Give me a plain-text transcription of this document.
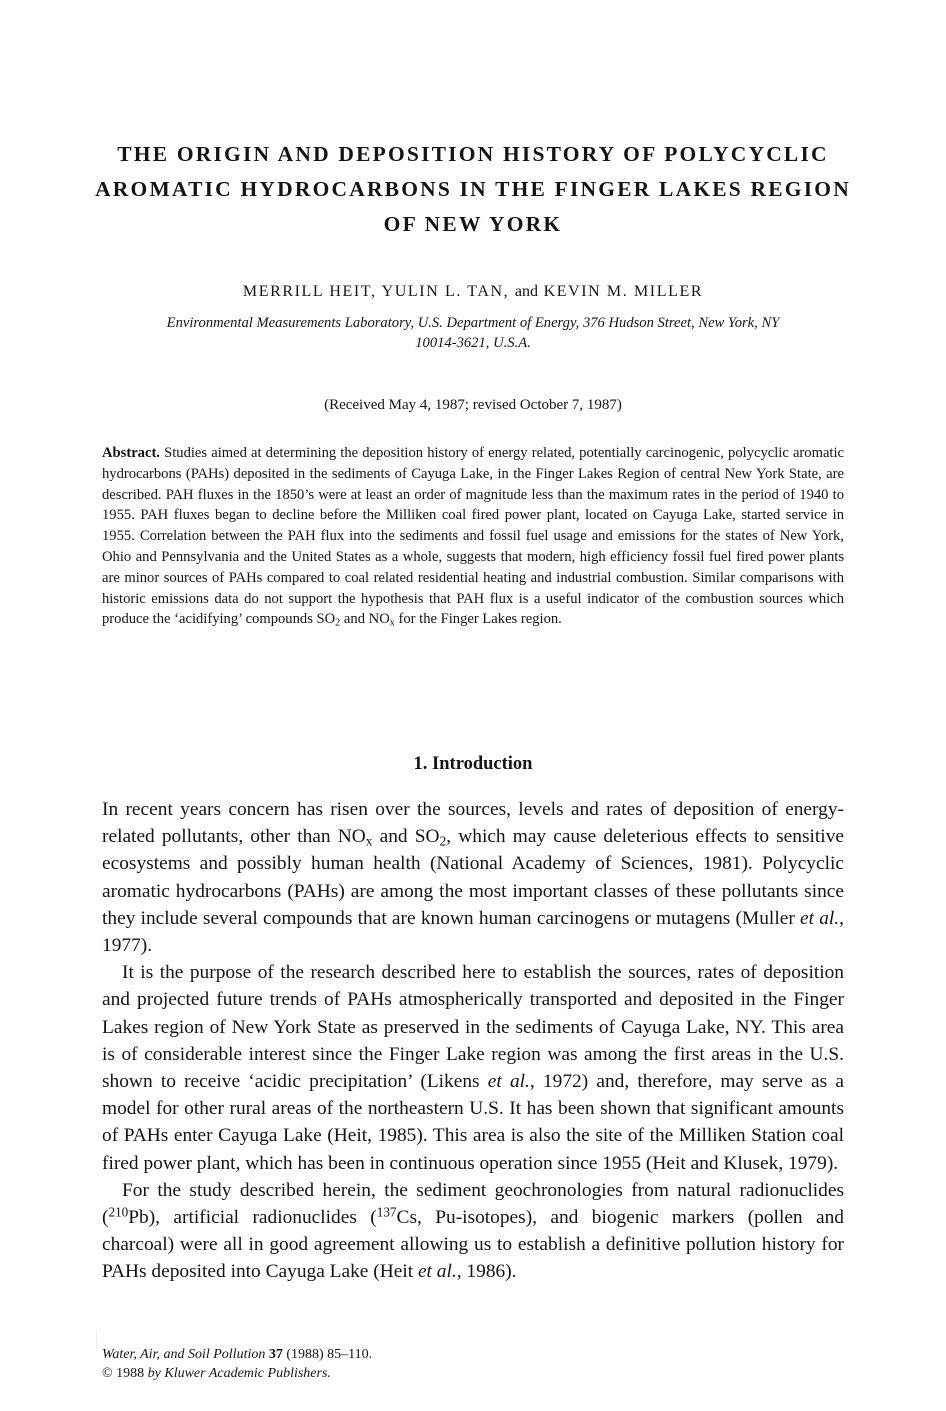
THE ORIGIN AND DEPOSITION HISTORY OF POLYCYCLIC
AROMATIC HYDROCARBONS IN THE FINGER LAKES REGION
OF NEW YORK
MERRILL HEIT, YULIN L. TAN, and KEVIN M. MILLER
Environmental Measurements Laboratory, U.S. Department of Energy, 376 Hudson Street, New York, NY
10014-3621, U.S.A.
(Received May 4, 1987; revised October 7, 1987)
Abstract. Studies aimed at determining the deposition history of energy related, potentially carcinogenic, polycyclic aromatic hydrocarbons (PAHs) deposited in the sediments of Cayuga Lake, in the Finger Lakes Region of central New York State, are described. PAH fluxes in the 1850’s were at least an order of magnitude less than the maximum rates in the period of 1940 to 1955. PAH fluxes began to decline before the Milliken coal fired power plant, located on Cayuga Lake, started service in 1955. Correlation between the PAH flux into the sediments and fossil fuel usage and emissions for the states of New York, Ohio and Pennsylvania and the United States as a whole, suggests that modern, high efficiency fossil fuel fired power plants are minor sources of PAHs compared to coal related residential heating and industrial combustion. Similar comparisons with historic emissions data do not support the hypothesis that PAH flux is a useful indicator of the combustion sources which produce the ‘acidifying’ compounds $SO_2$ and $NO_x$ for the Finger Lakes region.
1. Introduction

In recent years concern has risen over the sources, levels and rates of deposition of energy-related pollutants, other than $NO_x$ and $SO_2$, which may cause deleterious effects to sensitive ecosystems and possibly human health (National Academy of Sciences, 1981). Polycyclic aromatic hydrocarbons (PAHs) are among the most important classes of these pollutants since they include several compounds that are known human carcinogens or mutagens (Muller et al., 1977).

It is the purpose of the research described here to establish the sources, rates of deposition and projected future trends of PAHs atmospherically transported and deposited in the Finger Lakes region of New York State as preserved in the sediments of Cayuga Lake, NY. This area is of considerable interest since the Finger Lake region was among the first areas in the U.S. shown to receive ‘acidic precipitation’ (Likens et al., 1972) and, therefore, may serve as a model for other rural areas of the northeastern U.S. It has been shown that significant amounts of PAHs enter Cayuga Lake (Heit, 1985). This area is also the site of the Milliken Station coal fired power plant, which has been in continuous operation since 1955 (Heit and Klusek, 1979).

For the study described herein, the sediment geochronologies from natural radionuclides ($^{210}$Pb), artificial radionuclides ($^{137}$Cs, Pu-isotopes), and biogenic markers (pollen and charcoal) were all in good agreement allowing us to establish a definitive pollution history for PAHs deposited into Cayuga Lake (Heit et al., 1986).

Water, Air, and Soil Pollution 37 (1988) 85–110.
© 1988 by Kluwer Academic Publishers.
